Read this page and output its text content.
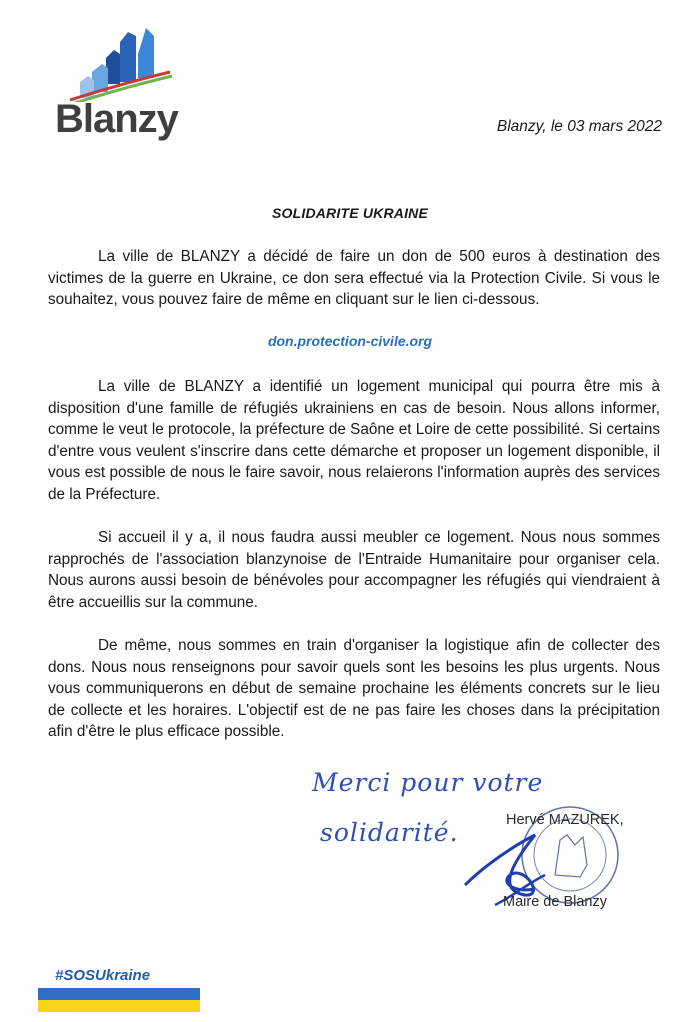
Blanzy	Blanzy, le 03 mars 2022
SOLIDARITE UKRAINE
La ville de BLANZY a décidé de faire un don de 500 euros à destination des victimes de la guerre en Ukraine, ce don sera effectué via la Protection Civile. Si vous le souhaitez, vous pouvez faire de même en cliquant sur le lien ci-dessous.
don.protection-civile.org
La ville de BLANZY a identifié un logement municipal qui pourra être mis à disposition d'une famille de réfugiés ukrainiens en cas de besoin. Nous allons informer, comme le veut le protocole, la préfecture de Saône et Loire de cette possibilité. Si certains d'entre vous veulent s'inscrire dans cette démarche et proposer un logement disponible, il vous est possible de nous le faire savoir, nous relaierons l'information auprès des services de la Préfecture.
Si accueil il y a, il nous faudra aussi meubler ce logement. Nous nous sommes rapprochés de l'association blanzynoise de l'Entraide Humanitaire pour organiser cela. Nous aurons aussi besoin de bénévoles pour accompagner les réfugiés qui viendraient à être accueillis sur la commune.
De même, nous sommes en train d'organiser la logistique afin de collecter des dons. Nous nous renseignons pour savoir quels sont les besoins les plus urgents. Nous vous communiquerons en début de semaine prochaine les éléments concrets sur le lieu de collecte et les horaires. L'objectif est de ne pas faire les choses dans la précipitation afin d'être le plus efficace possible.
Merci pour votre
solidarité.	Hervé MAZUREK,
Maire de Blanzy
#SOSUkraine
